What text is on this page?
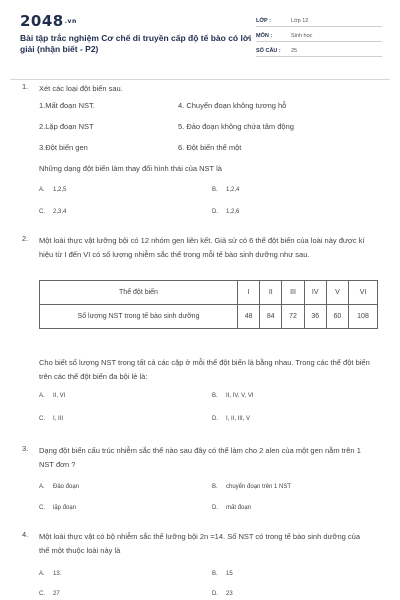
$2048^{.vn}$
Bài tập trắc nghiệm Cơ chế di truyền cấp độ tế bào có lời giải (nhận biết - P2)
LỚP :	Lớp 12
MÔN :	Sinh học
SỐ CÂU : 25
1. Xét các loại đột biến sau.
1.Mất đoạn NST.	4. Chuyển đoạn không tương hỗ
2.Lặp đoạn NST	5. Đảo đoạn không chứa tâm động
3.Đột biến gen	6. Đột biến thể một
Những dạng đột biến làm thay đổi hình thái của NST là
A. 1,2,5	B. 1,2,4
C. 2,3,4	D. 1,2,6
2. Một loài thực vật lưỡng bội có 12 nhóm gen liên kết. Giả sử có 6 thể đột biến của loài này được kí hiệu từ I đến VI có số lượng nhiễm sắc thể trong mỗi tế bào sinh dưỡng như sau.
Thể đột biến	I	II	III	IV	V	VI
Số lượng NST trong tế bào sinh dưỡng	48	84	72	36	60	108
Cho biết số lượng NST trong tất cả các cặp ở mỗi thể đột biến là bằng nhau. Trong các thể đột biến trên các thể đột biến đa bội lẻ là:
A. II, VI	B. II, IV, V, VI
C. I, III	D. I, II, III, V
3. Dạng đột biến cấu trúc nhiễm sắc thể nào sau đây có thể làm cho 2 alen của một gen nằm trên 1 NST đơn ?
A. Đảo đoạn	B. chuyển đoạn trên 1 NST
C. lặp đoạn	D. mất đoạn
4. Một loài thực vật có bộ nhiễm sắc thể lưỡng bội 2n =14. Số NST có trong tế bào sinh dưỡng của thể một thuộc loài này là
A. 13.	B. 15
C. 27	D. 23
